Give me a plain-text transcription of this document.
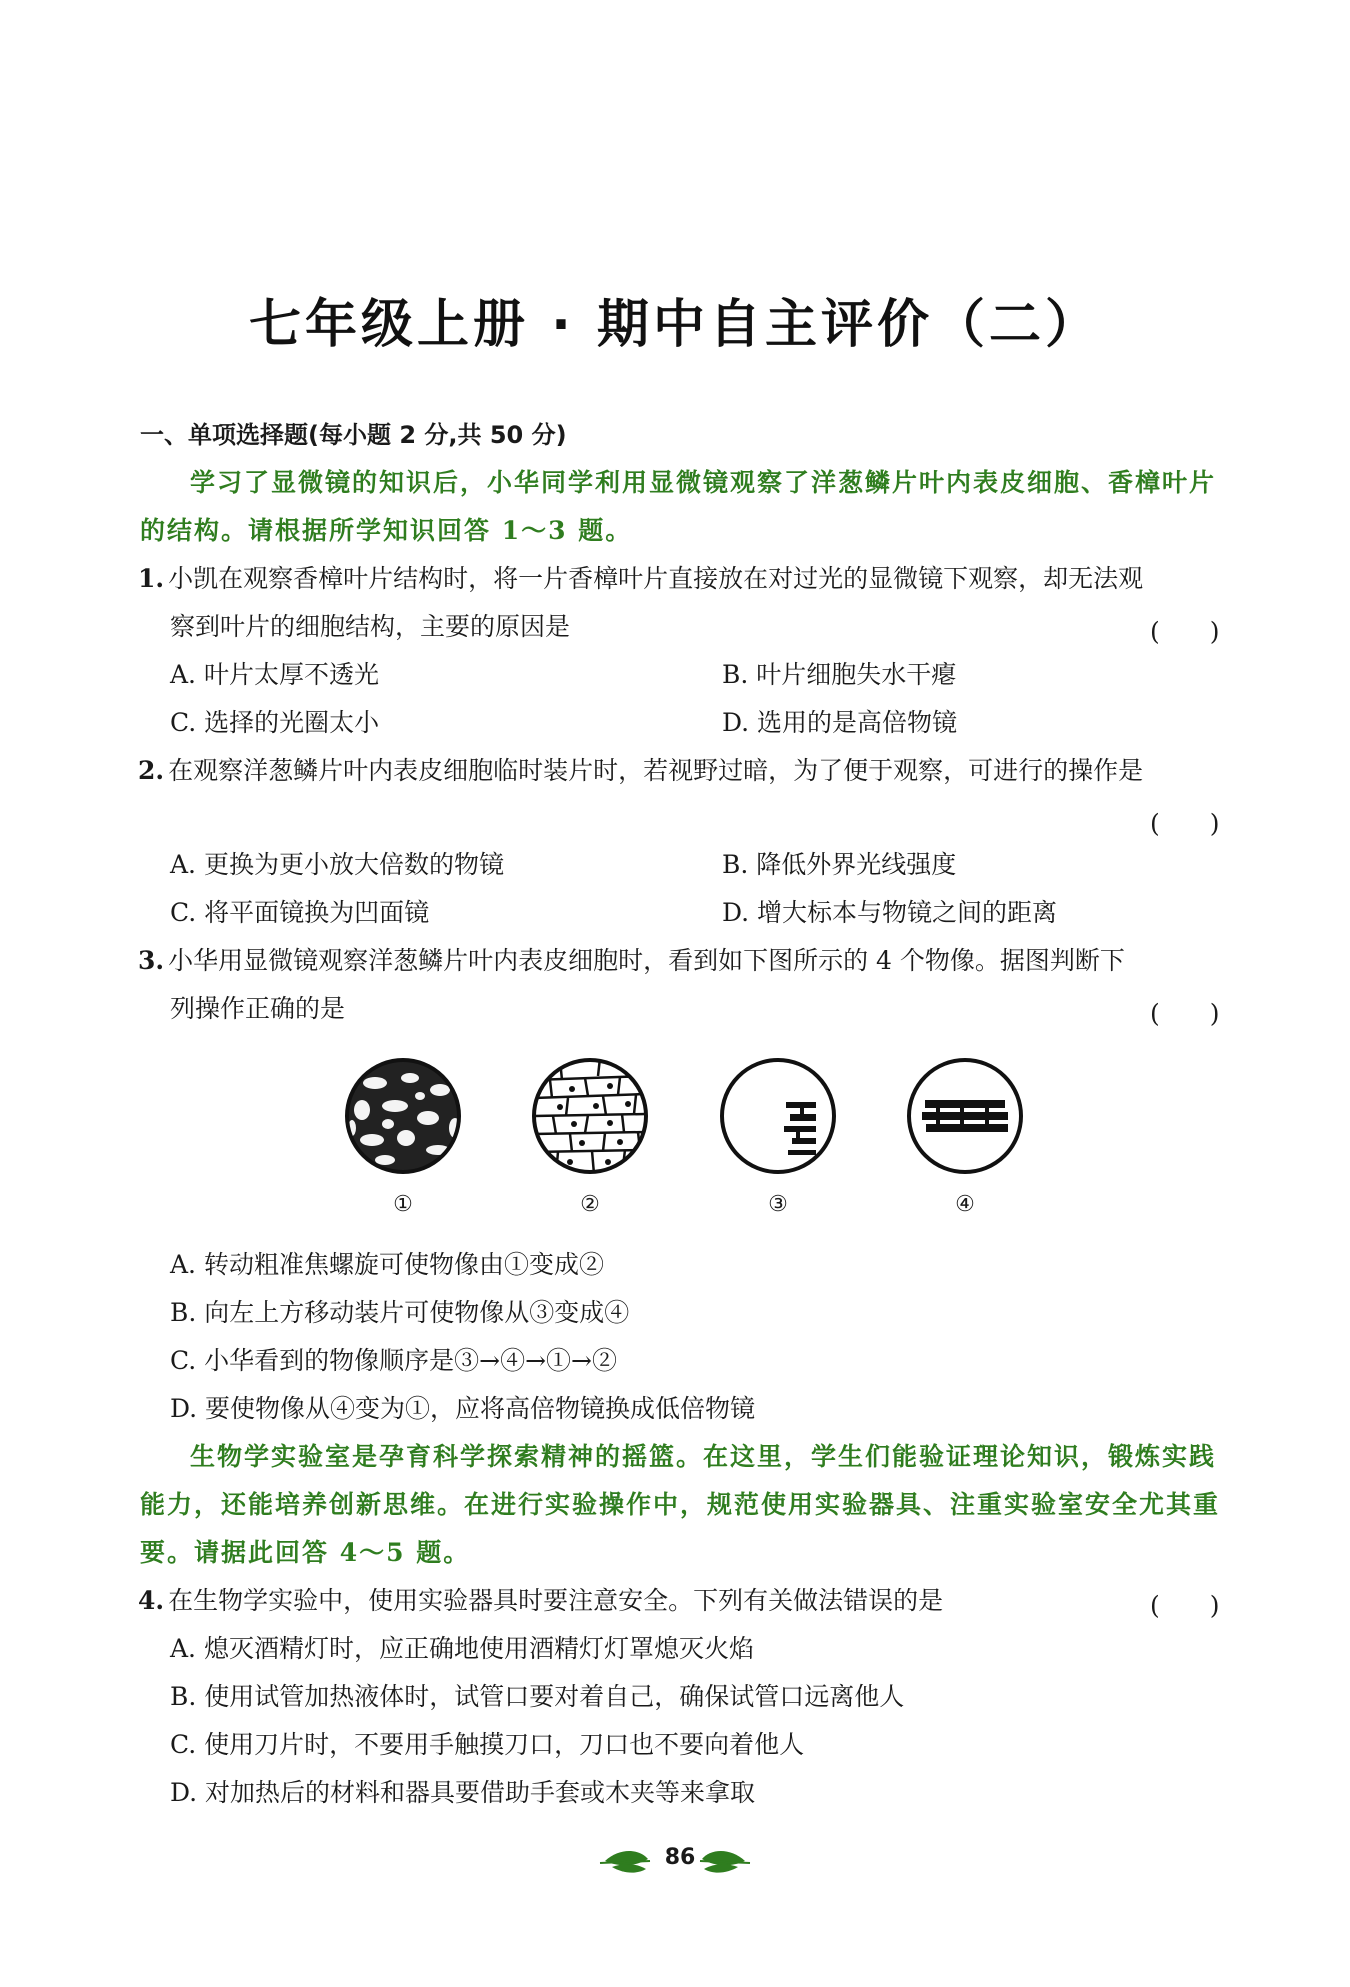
七年级上册 · 期中自主评价（二）
一、单项选择题(每小题 2 分,共 50 分)
学习了显微镜的知识后，小华同学利用显微镜观察了洋葱鳞片叶内表皮细胞、香樟叶片
的结构。请根据所学知识回答 1～3 题。
1. 小凯在观察香樟叶片结构时，将一片香樟叶片直接放在对过光的显微镜下观察，却无法观
察到叶片的细胞结构，主要的原因是	(　　)
A. 叶片太厚不透光	B. 叶片细胞失水干瘪
C. 选择的光圈太小	D. 选用的是高倍物镜
2. 在观察洋葱鳞片叶内表皮细胞临时装片时，若视野过暗，为了便于观察，可进行的操作是
(　　)
A. 更换为更小放大倍数的物镜	B. 降低外界光线强度
C. 将平面镜换为凹面镜	D. 增大标本与物镜之间的距离
3. 小华用显微镜观察洋葱鳞片叶内表皮细胞时，看到如下图所示的 4 个物像。据图判断下
列操作正确的是	(　　)
①	②	③	④
A. 转动粗准焦螺旋可使物像由①变成②
B. 向左上方移动装片可使物像从③变成④
C. 小华看到的物像顺序是③→④→①→②
D. 要使物像从④变为①，应将高倍物镜换成低倍物镜
生物学实验室是孕育科学探索精神的摇篮。在这里，学生们能验证理论知识，锻炼实践
能力，还能培养创新思维。在进行实验操作中，规范使用实验器具、注重实验室安全尤其重
要。请据此回答 4～5 题。
4. 在生物学实验中，使用实验器具时要注意安全。下列有关做法错误的是	(　　)
A. 熄灭酒精灯时，应正确地使用酒精灯灯罩熄灭火焰
B. 使用试管加热液体时，试管口要对着自己，确保试管口远离他人
C. 使用刀片时，不要用手触摸刀口，刀口也不要向着他人
D. 对加热后的材料和器具要借助手套或木夹等来拿取
86
